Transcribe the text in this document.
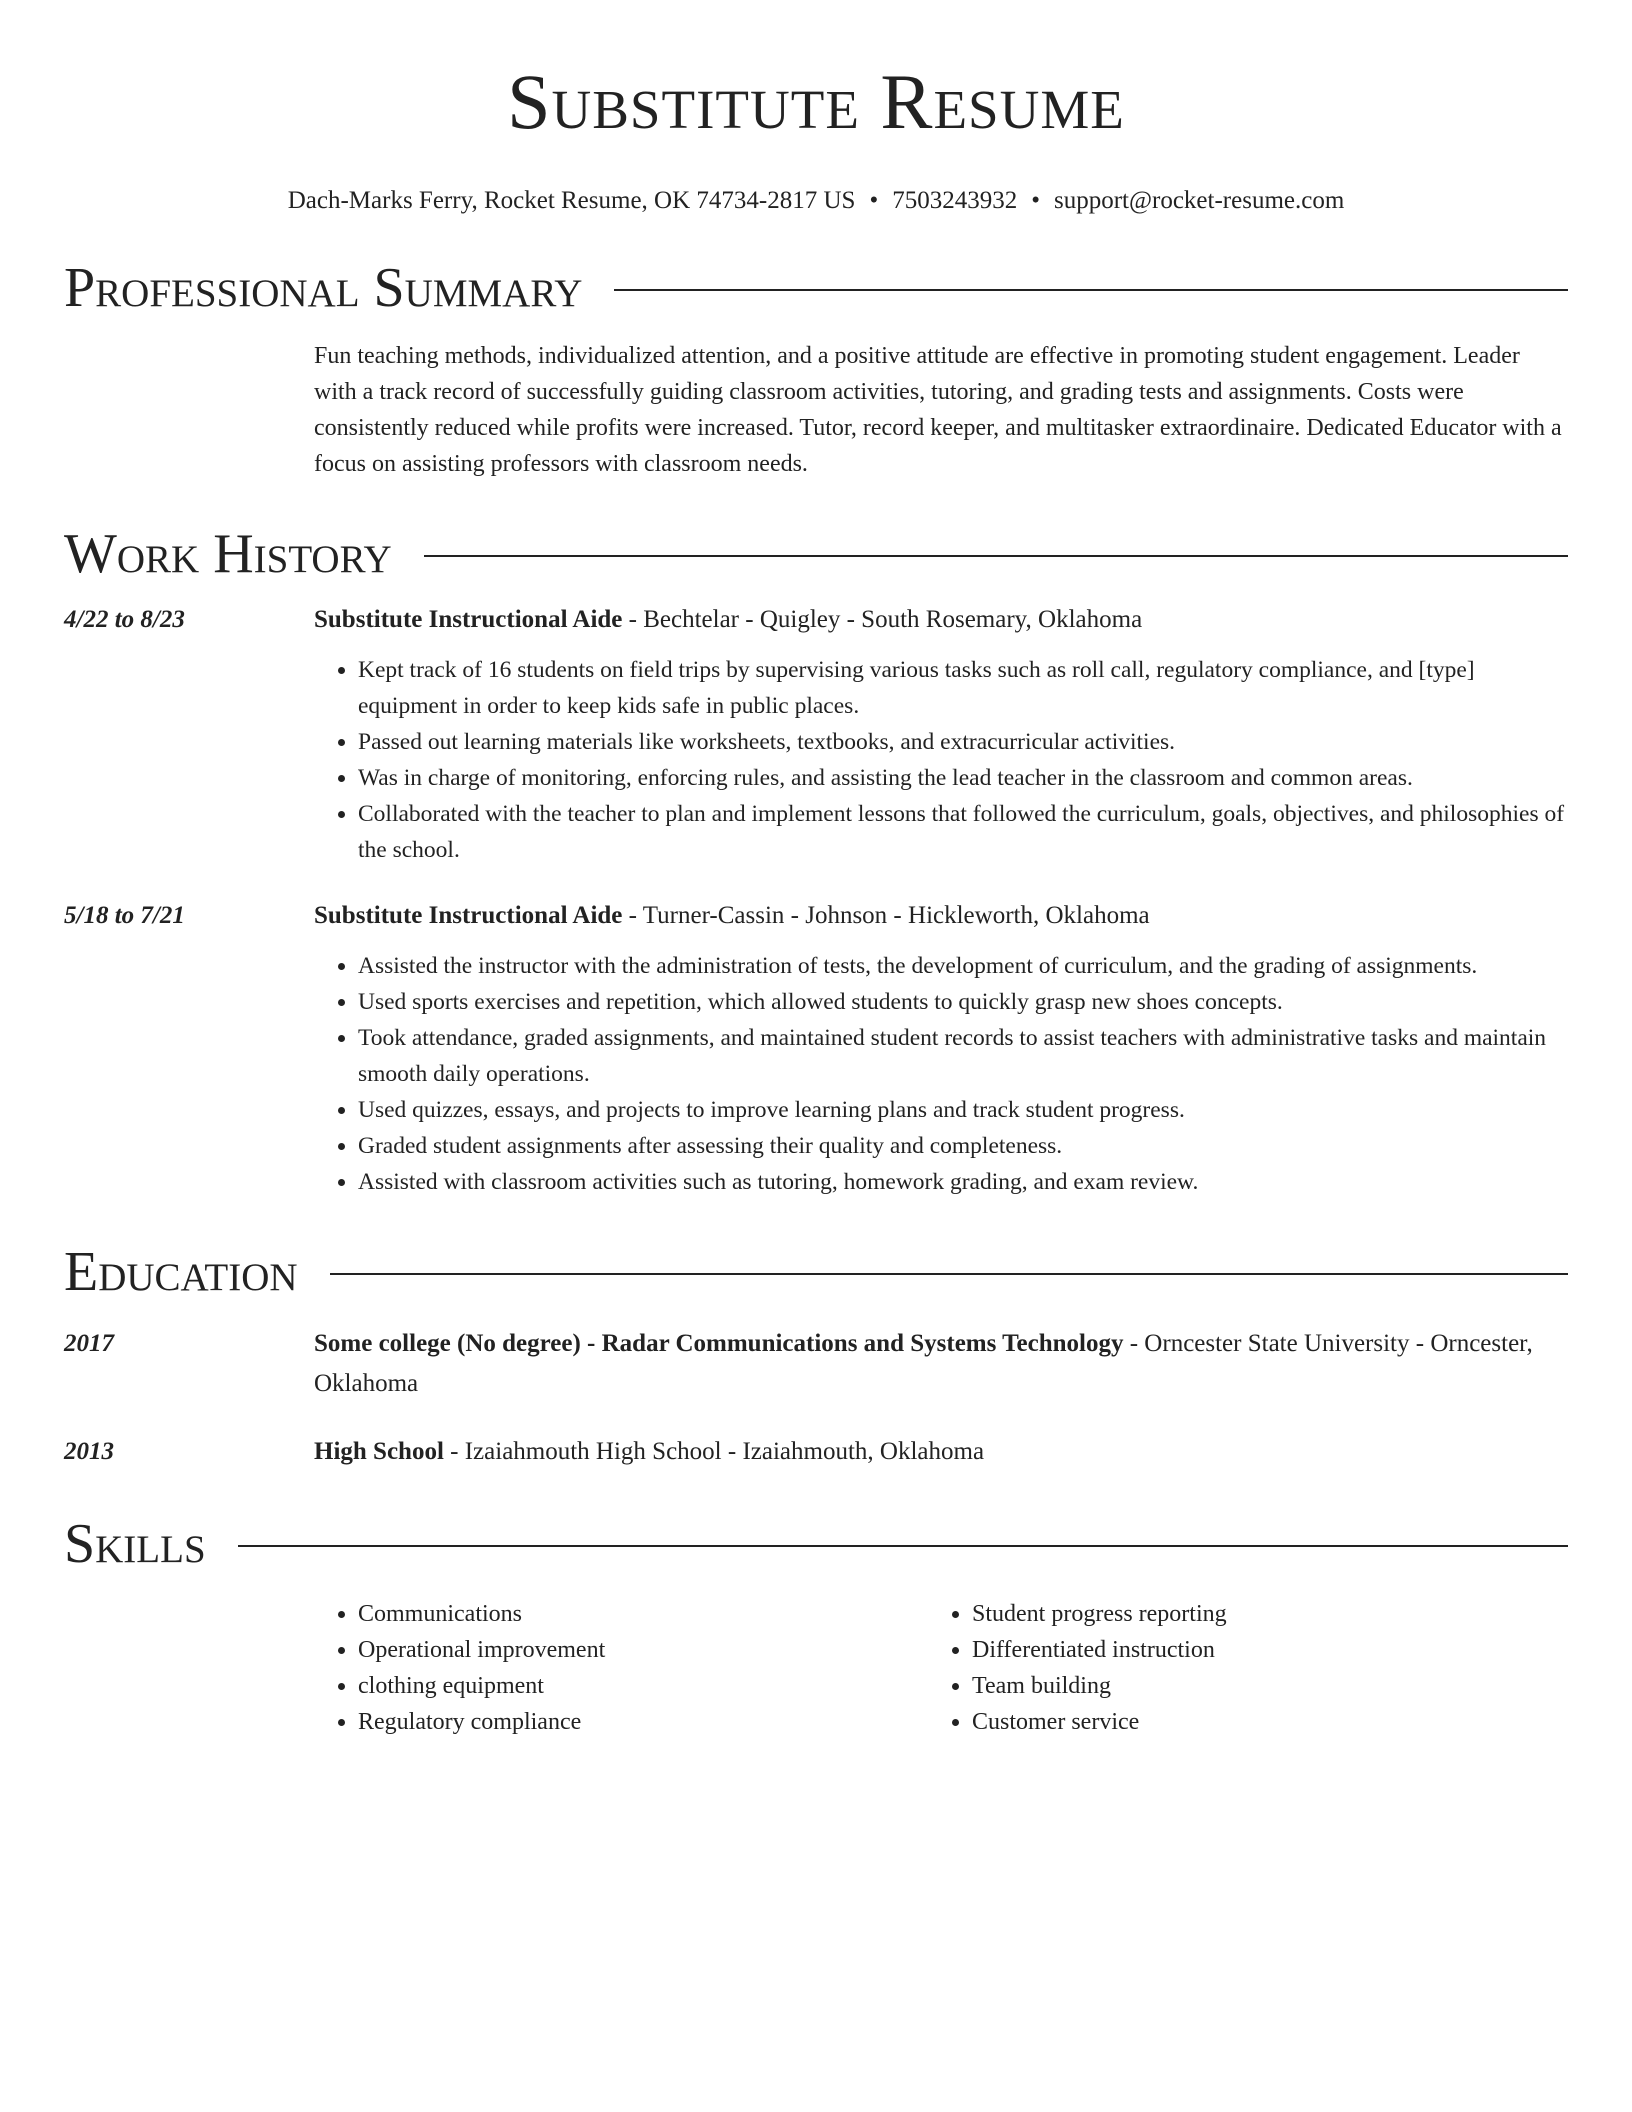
Substitute Resume
Dach-Marks Ferry, Rocket Resume, OK 74734-2817 US • 7503243932 • support@rocket-resume.com
Professional Summary
Fun teaching methods, individualized attention, and a positive attitude are effective in promoting student engagement. Leader with a track record of successfully guiding classroom activities, tutoring, and grading tests and assignments. Costs were consistently reduced while profits were increased. Tutor, record keeper, and multitasker extraordinaire. Dedicated Educator with a focus on assisting professors with classroom needs.
Work History
4/22 to 8/23	Substitute Instructional Aide - Bechtelar - Quigley - South Rosemary, Oklahoma
• Kept track of 16 students on field trips by supervising various tasks such as roll call, regulatory compliance, and [type] equipment in order to keep kids safe in public places.
• Passed out learning materials like worksheets, textbooks, and extracurricular activities.
• Was in charge of monitoring, enforcing rules, and assisting the lead teacher in the classroom and common areas.
• Collaborated with the teacher to plan and implement lessons that followed the curriculum, goals, objectives, and philosophies of the school.
5/18 to 7/21	Substitute Instructional Aide - Turner-Cassin - Johnson - Hickleworth, Oklahoma
• Assisted the instructor with the administration of tests, the development of curriculum, and the grading of assignments.
• Used sports exercises and repetition, which allowed students to quickly grasp new shoes concepts.
• Took attendance, graded assignments, and maintained student records to assist teachers with administrative tasks and maintain smooth daily operations.
• Used quizzes, essays, and projects to improve learning plans and track student progress.
• Graded student assignments after assessing their quality and completeness.
• Assisted with classroom activities such as tutoring, homework grading, and exam review.
Education
2017	Some college (No degree) - Radar Communications and Systems Technology - Orncester State University - Orncester, Oklahoma
2013	High School - Izaiahmouth High School - Izaiahmouth, Oklahoma
Skills
• Communications
• Operational improvement
• clothing equipment
• Regulatory compliance
• Student progress reporting
• Differentiated instruction
• Team building
• Customer service
